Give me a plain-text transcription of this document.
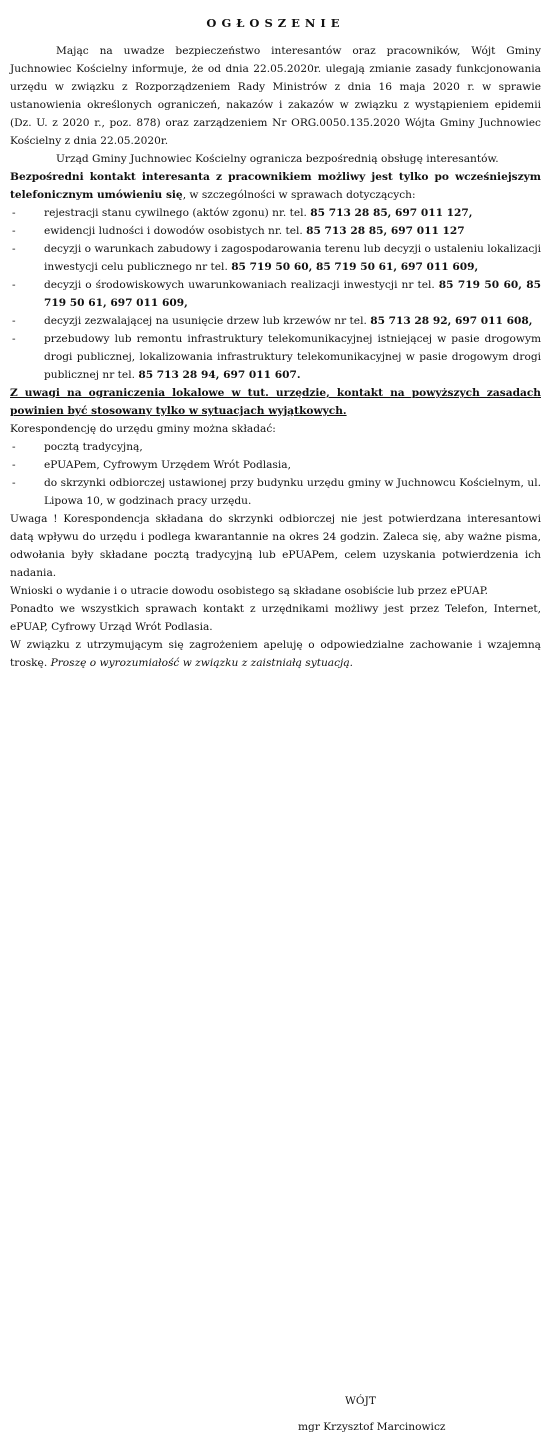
OGŁOSZENIE

Mając na uwadze bezpieczeństwo interesantów oraz pracowników, Wójt Gminy Juchnowiec Kościelny informuje, że od dnia 22.05.2020r. ulegają zmianie zasady funkcjonowania urzędu w związku z Rozporządzeniem Rady Ministrów z dnia 16 maja 2020 r. w sprawie ustanowienia określonych ograniczeń, nakazów i zakazów w związku z wystąpieniem epidemii (Dz. U. z 2020 r., poz. 878) oraz zarządzeniem Nr ORG.0050.135.2020 Wójta Gminy Juchnowiec Kościelny z dnia 22.05.2020r.

Urząd Gminy Juchnowiec Kościelny ogranicza bezpośrednią obsługę interesantów.

Bezpośredni kontakt interesanta z pracownikiem możliwy jest tylko po wcześniejszym telefonicznym umówieniu się, w szczególności w sprawach dotyczących:

- rejestracji stanu cywilnego (aktów zgonu) nr. tel. 85 713 28 85, 697 011 127,
- ewidencji ludności i dowodów osobistych nr. tel. 85 713 28 85, 697 011 127
- decyzji o warunkach zabudowy i zagospodarowania terenu lub decyzji o ustaleniu lokalizacji inwestycji celu publicznego nr tel. 85 719 50 60, 85 719 50 61, 697 011 609,
- decyzji o środowiskowych uwarunkowaniach realizacji inwestycji nr tel. 85 719 50 60, 85 719 50 61, 697 011 609,
- decyzji zezwalającej na usunięcie drzew lub krzewów nr tel. 85 713 28 92, 697 011 608,
- przebudowy lub remontu infrastruktury telekomunikacyjnej istniejącej w pasie drogowym drogi publicznej, lokalizowania infrastruktury telekomunikacyjnej w pasie drogowym drogi publicznej nr tel. 85 713 28 94, 697 011 607.

Z uwagi na ograniczenia lokalowe w tut. urzędzie, kontakt na powyższych zasadach powinien być stosowany tylko w sytuacjach wyjątkowych.

Korespondencję do urzędu gminy można składać:

- pocztą tradycyjną,
- ePUAPem, Cyfrowym Urzędem Wrót Podlasia,
- do skrzynki odbiorczej ustawionej przy budynku urzędu gminy w Juchnowcu Kościelnym, ul. Lipowa 10, w godzinach pracy urzędu.

Uwaga ! Korespondencja składana do skrzynki odbiorczej nie jest potwierdzana interesantowi datą wpływu do urzędu i podlega kwarantannie na okres 24 godzin. Zaleca się, aby ważne pisma, odwołania były składane pocztą tradycyjną lub ePUAPem, celem uzyskania potwierdzenia ich nadania.

Wnioski o wydanie i o utracie dowodu osobistego są składane osobiście lub przez ePUAP.

Ponadto we wszystkich sprawach kontakt z urzędnikami możliwy jest przez Telefon, Internet, ePUAP, Cyfrowy Urząd Wrót Podlasia.

W związku z utrzymującym się zagrożeniem apeluję o odpowiedzialne zachowanie i wzajemną troskę. Proszę o wyrozumiałość w związku z zaistniałą sytuacją.

WÓJT
mgr Krzysztof Marcinowicz
